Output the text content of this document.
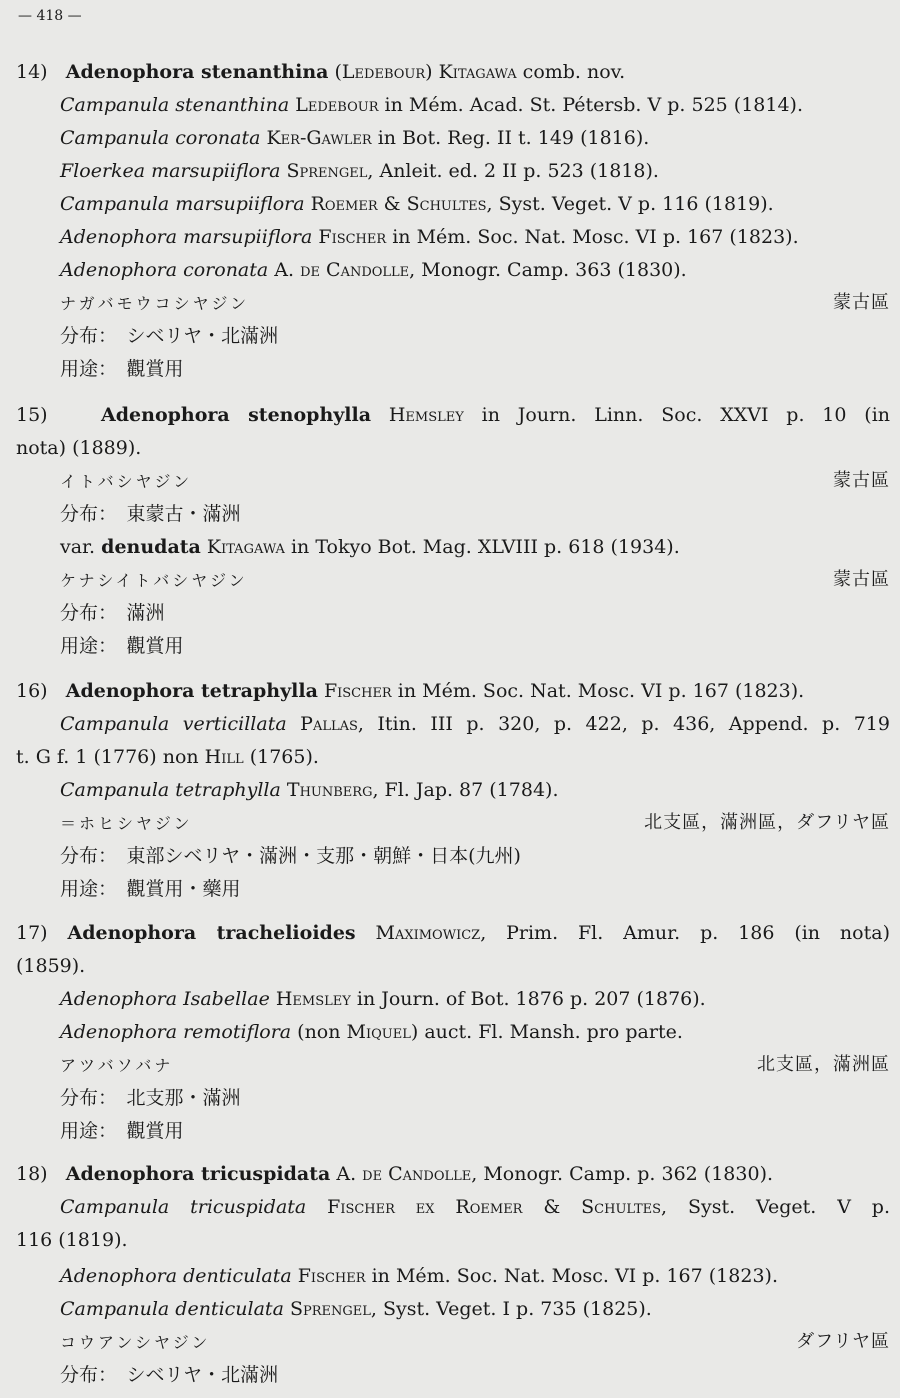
— 418 —
14) Adenophora stenanthina (Ledebour) Kitagawa comb. nov.
Campanula stenanthina Ledebour in Mém. Acad. St. Pétersb. V p. 525 (1814).
Campanula coronata Ker-Gawler in Bot. Reg. II t. 149 (1816).
Floerkea marsupiiflora Sprengel, Anleit. ed. 2 II p. 523 (1818).
Campanula marsupiiflora Roemer & Schultes, Syst. Veget. V p. 116 (1819).
Adenophora marsupiiflora Fischer in Mém. Soc. Nat. Mosc. VI p. 167 (1823).
Adenophora coronata A. de Candolle, Monogr. Camp. 363 (1830).
ナガバモウコシヤジン	蒙古區
分布：　シベリヤ・北滿洲
用途：　觀賞用
15)	Adenophora stenophylla Hemsley in Journ. Linn. Soc. XXVI p. 10 (in
nota) (1889).
イトバシヤジン	蒙古區
分布：　東蒙古・滿洲
var. denudata Kitagawa in Tokyo Bot. Mag. XLVIII p. 618 (1934).
ケナシイトバシヤジン	蒙古區
分布：　滿洲
用途：　觀賞用
16) Adenophora tetraphylla Fischer in Mém. Soc. Nat. Mosc. VI p. 167 (1823).
Campanula verticillata Pallas, Itin. III p. 320, p. 422, p. 436, Append. p. 719
t. G f. 1 (1776) non Hill (1765).
Campanula tetraphylla Thunberg, Fl. Jap. 87 (1784).
＝ホヒシヤジン	北支區，滿洲區，ダフリヤ區
分布：　東部シベリヤ・滿洲・支那・朝鮮・日本(九州)
用途：　觀賞用・藥用
17) Adenophora trachelioides Maximowicz, Prim. Fl. Amur. p. 186 (in nota)
(1859).
Adenophora Isabellae Hemsley in Journ. of Bot. 1876 p. 207 (1876).
Adenophora remotiflora (non Miquel) auct. Fl. Mansh. pro parte.
アツバソバナ	北支區，滿洲區
分布：　北支那・滿洲
用途：　觀賞用
18) Adenophora tricuspidata A. de Candolle, Monogr. Camp. p. 362 (1830).
Campanula tricuspidata Fischer ex Roemer & Schultes, Syst. Veget. V p.
116 (1819).
Adenophora denticulata Fischer in Mém. Soc. Nat. Mosc. VI p. 167 (1823).
Campanula denticulata Sprengel, Syst. Veget. I p. 735 (1825).
コウアンシヤジン	ダフリヤ區
分布：　シベリヤ・北滿洲
